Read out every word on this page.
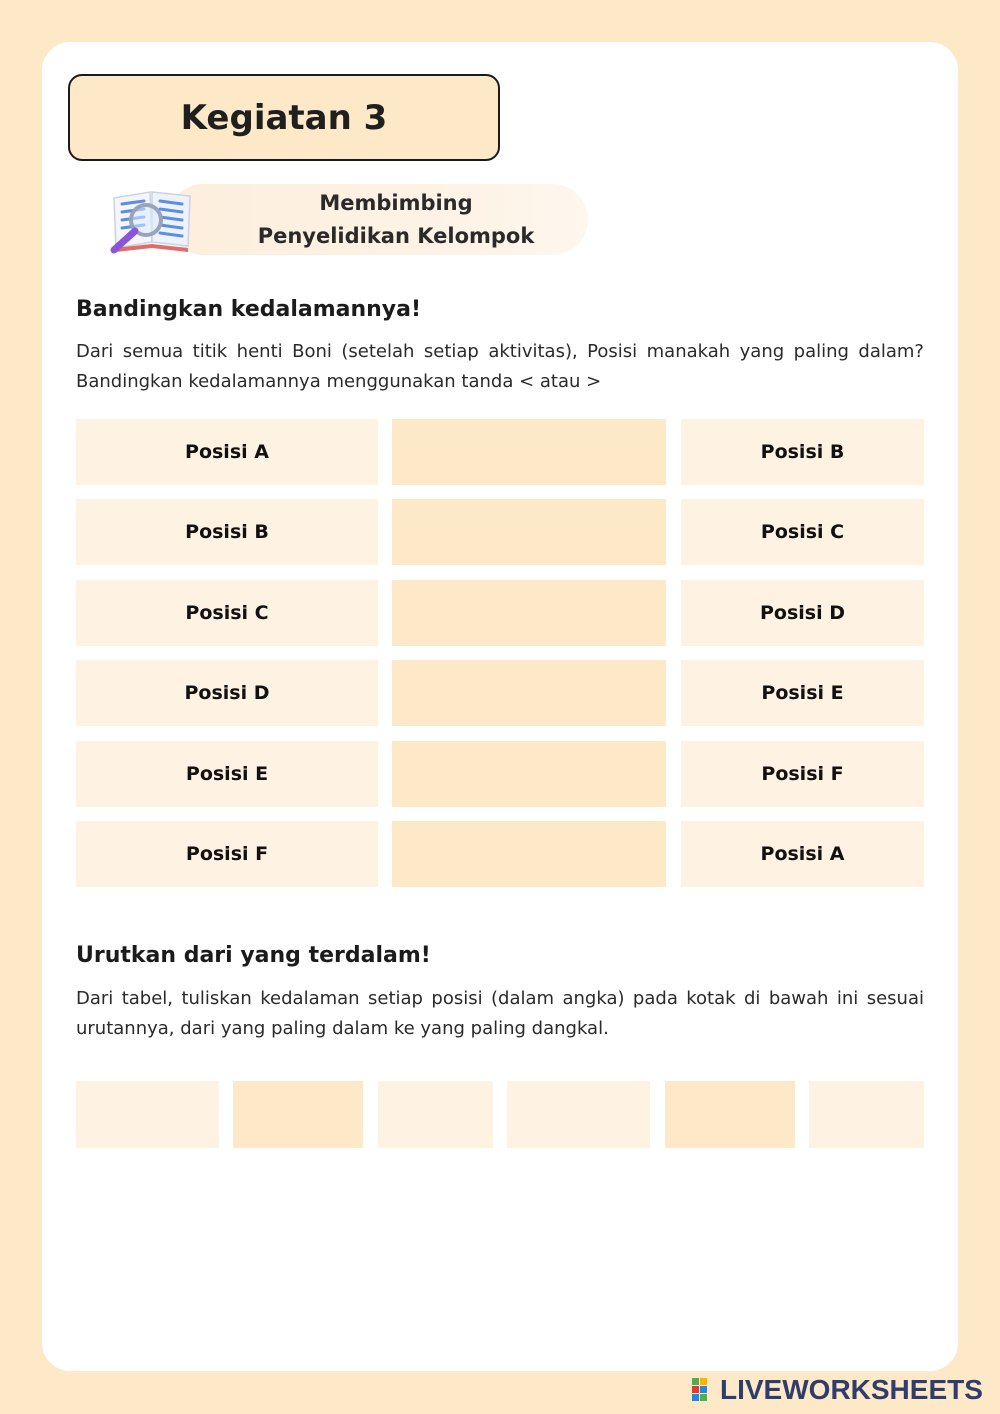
Kegiatan 3
Membimbing Penyelidikan Kelompok
Bandingkan kedalamannya!
Dari semua titik henti Boni (setelah setiap aktivitas), Posisi manakah yang paling dalam? Bandingkan kedalamannya menggunakan tanda < atau >
Posisi A	Posisi B
Posisi B	Posisi C
Posisi C	Posisi D
Posisi D	Posisi E
Posisi E	Posisi F
Posisi F	Posisi A
Urutkan dari yang terdalam!
Dari tabel, tuliskan kedalaman setiap posisi (dalam angka) pada kotak di bawah ini sesuai urutannya, dari yang paling dalam ke yang paling dangkal.
LIVEWORKSHEETS
